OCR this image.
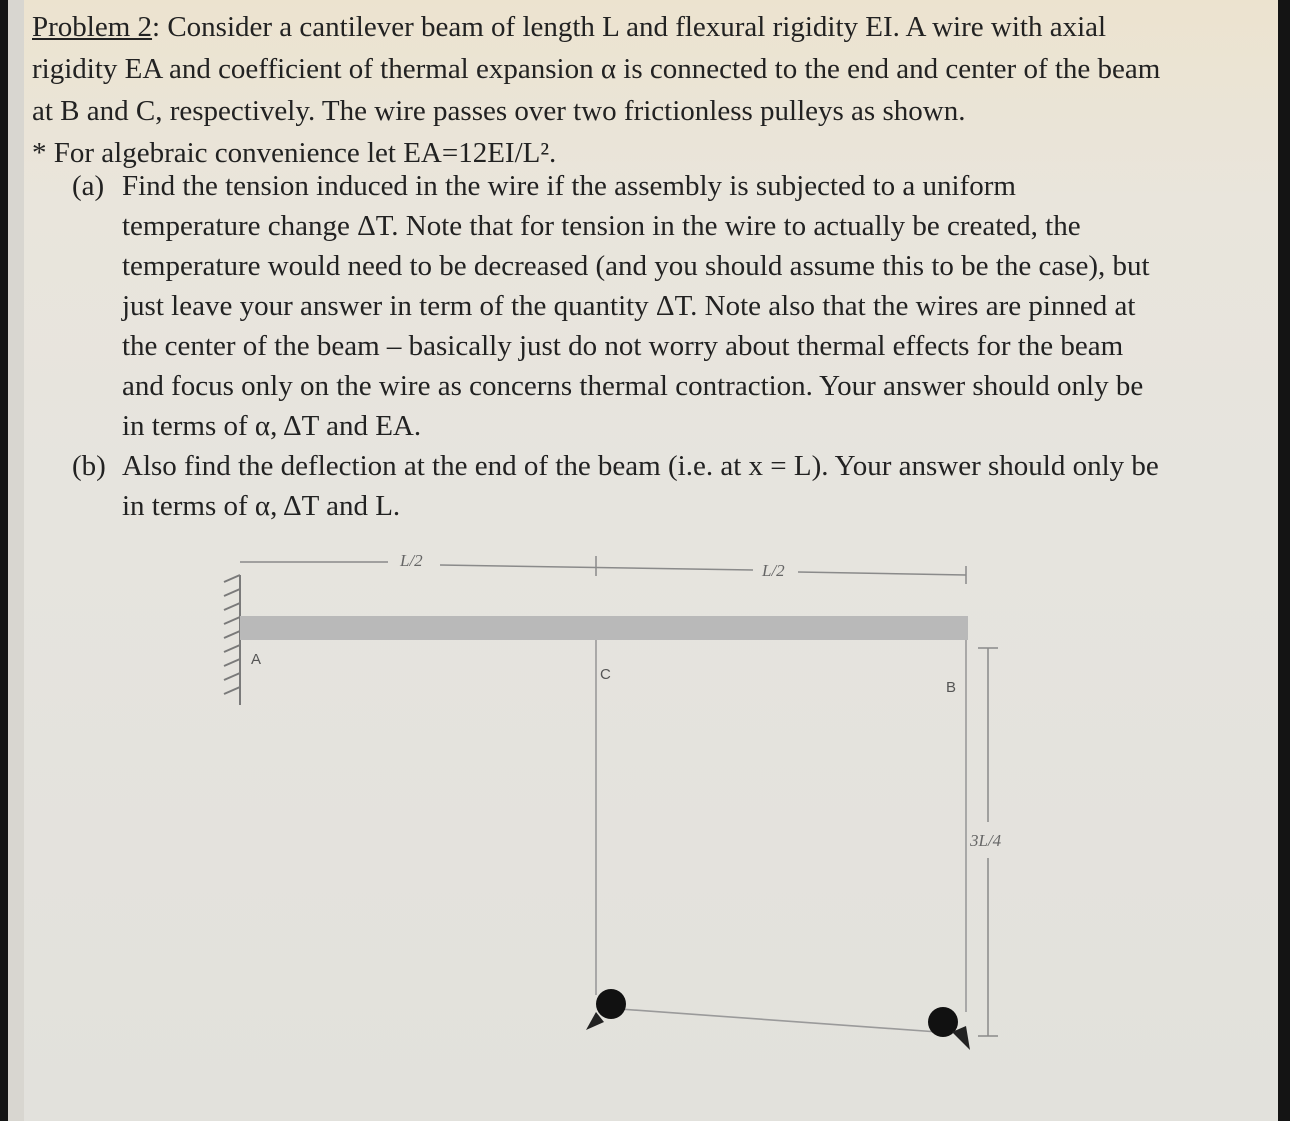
Problem 2: Consider a cantilever beam of length L and flexural rigidity EI. A wire with axial
rigidity EA and coefficient of thermal expansion α is connected to the end and center of the beam
at B and C, respectively. The wire passes over two frictionless pulleys as shown.
* For algebraic convenience let EA=12EI/L².
(a) Find the tension induced in the wire if the assembly is subjected to a uniform
temperature change ΔT. Note that for tension in the wire to actually be created, the
temperature would need to be decreased (and you should assume this to be the case), but
just leave your answer in term of the quantity ΔT. Note also that the wires are pinned at
the center of the beam – basically just do not worry about thermal effects for the beam
and focus only on the wire as concerns thermal contraction. Your answer should only be
in terms of α, ΔT and EA.
(b) Also find the deflection at the end of the beam (i.e. at x = L). Your answer should only be
in terms of α, ΔT and L.
L/2
L/2
A
C
B
3L/4
